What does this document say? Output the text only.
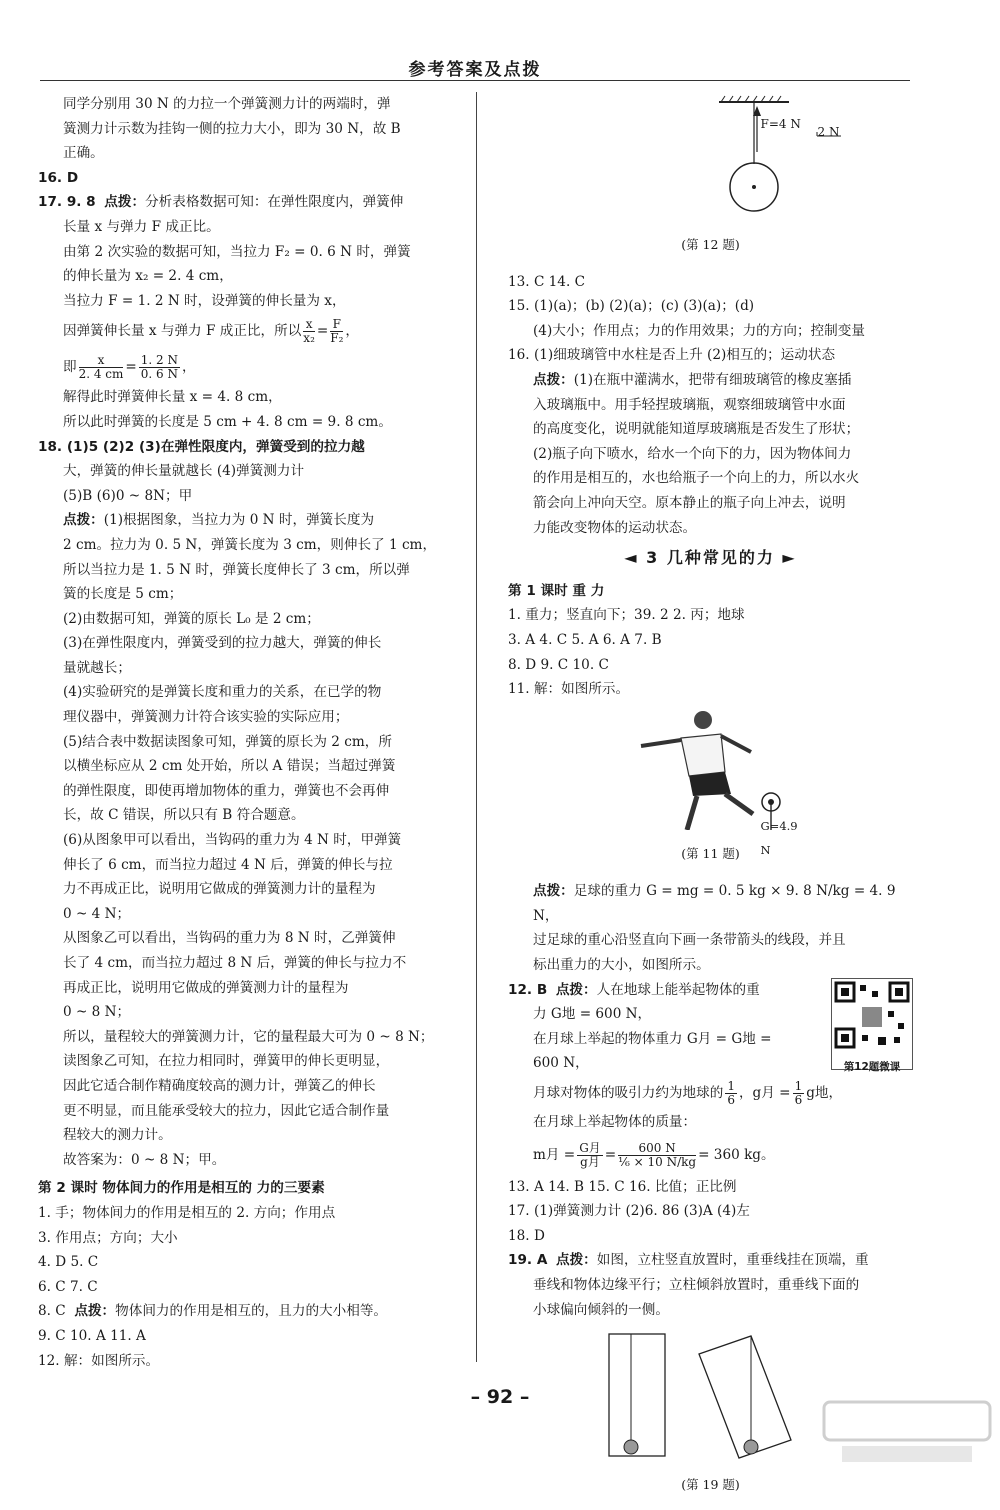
参考答案及点拨

同学分别用 30 N 的力拉一个弹簧测力计的两端时，弹

簧测力计示数为挂钩一侧的拉力大小，即为 30 N，故 B

正确。

16. D

17. 9. 8 点拨：分析表格数据可知：在弹性限度内，弹簧伸

长量 x 与弹力 F 成正比。

由第 2 次实验的数据可知，当拉力 F₂ = 0. 6 N 时，弹簧

的伸长量为 x₂ = 2. 4 cm，

当拉力 F = 1. 2 N 时，设弹簧的伸长量为 x，

因弹簧伸长量 x 与弹力 F 成正比，所以 $\frac{x}{\text{x₂}} = \frac{F}{\text{F₂}}$ ，

即 $\frac{x}{2. 4 cm} = \frac{1. 2 N}{0. 6 N}$ ，

解得此时弹簧伸长量 x = 4. 8 cm，

所以此时弹簧的长度是 5 cm + 4. 8 cm = 9. 8 cm。

18. (1)5 (2)2 (3)在弹性限度内，弹簧受到的拉力越

大，弹簧的伸长量就越长 (4)弹簧测力计

(5)B (6)0 ~ 8N；甲

点拨：(1)根据图象，当拉力为 0 N 时，弹簧长度为

2 cm。拉力为 0. 5 N，弹簧长度为 3 cm，则伸长了 1 cm，

所以当拉力是 1. 5 N 时，弹簧长度伸长了 3 cm，所以弹

簧的长度是 5 cm；

(2)由数据可知，弹簧的原长 L₀ 是 2 cm；

(3)在弹性限度内，弹簧受到的拉力越大，弹簧的伸长

量就越长；

(4)实验研究的是弹簧长度和重力的关系，在已学的物

理仪器中，弹簧测力计符合该实验的实际应用；

(5)结合表中数据读图象可知，弹簧的原长为 2 cm，所

以横坐标应从 2 cm 处开始，所以 A 错误；当超过弹簧

的弹性限度，即使再增加物体的重力，弹簧也不会再伸

长，故 C 错误，所以只有 B 符合题意。

(6)从图象甲可以看出，当钩码的重力为 4 N 时，甲弹簧

伸长了 6 cm，而当拉力超过 4 N 后，弹簧的伸长与拉

力不再成正比，说明用它做成的弹簧测力计的量程为

0 ~ 4 N；

从图象乙可以看出，当钩码的重力为 8 N 时，乙弹簧伸

长了 4 cm，而当拉力超过 8 N 后，弹簧的伸长与拉力不

再成正比，说明用它做成的弹簧测力计的量程为

0 ~ 8 N；

所以，量程较大的弹簧测力计，它的量程最大可为 0 ~ 8 N；

读图象乙可知，在拉力相同时，弹簧甲的伸长更明显，

因此它适合制作精确度较高的测力计，弹簧乙的伸长

更不明显，而且能承受较大的拉力，因此它适合制作量

程较大的测力计。

故答案为：0 ~ 8 N；甲。

第 2 课时 物体间力的作用是相互的 力的三要素

1. 手；物体间力的作用是相互的 2. 方向；作用点

3. 作用点；方向；大小

4. D 5. C

6. C 7. C

8. C 点拨：物体间力的作用是相互的，且力的大小相等。

9. C 10. A 11. A

12. 解：如图所示。

F=4 N
2 N

(第 12 题)

13. C 14. C

15. (1)(a)；(b) (2)(a)；(c) (3)(a)；(d)

(4)大小；作用点；力的作用效果；力的方向；控制变量

16. (1)细玻璃管中水柱是否上升 (2)相互的；运动状态

点拨：(1)在瓶中灌满水，把带有细玻璃管的橡皮塞插

入玻璃瓶中。用手轻捏玻璃瓶，观察细玻璃管中水面

的高度变化，说明就能知道厚玻璃瓶是否发生了形状；

(2)瓶子向下喷水，给水一个向下的力，因为物体间力

的作用是相互的，水也给瓶子一个向上的力，所以水火

箭会向上冲向天空。原本静止的瓶子向上冲去，说明

力能改变物体的运动状态。

◄ 3 几种常见的力 ►

第 1 课时 重 力

1. 重力；竖直向下；39. 2 2. 丙；地球

3. A 4. C 5. A 6. A 7. B

8. D 9. C 10. C

11. 解：如图所示。

G=4.9 N

(第 11 题)

点拨：足球的重力 G = mg = 0. 5 kg × 9. 8 N/kg = 4. 9 N，

过足球的重心沿竖直向下画一条带箭头的线段，并且

标出重力的大小，如图所示。

12. B 点拨：人在地球上能举起物体的重

力 G地 = 600 N，

在月球上举起的物体重力 G月 = G地 =

600 N，	第12题微课

月球对物体的吸引力约为地球的 $\frac{1}{6}$ ，g月 = $\frac{1}{6}$ g地，

在月球上举起物体的质量：

m月 = $\frac{\text{G月}}{\text{g月}} = \frac{600 N}{\text{⅙ × 10 N/kg}} = 360$ kg。

13. A 14. B 15. C 16. 比值；正比例

17. (1)弹簧测力计 (2)6. 86 (3)A (4)左

18. D

19. A 点拨：如图，立柱竖直放置时，重垂线挂在顶端，重

垂线和物体边缘平行；立柱倾斜放置时，重垂线下面的

小球偏向倾斜的一侧。

(第 19 题)

– 92 –
